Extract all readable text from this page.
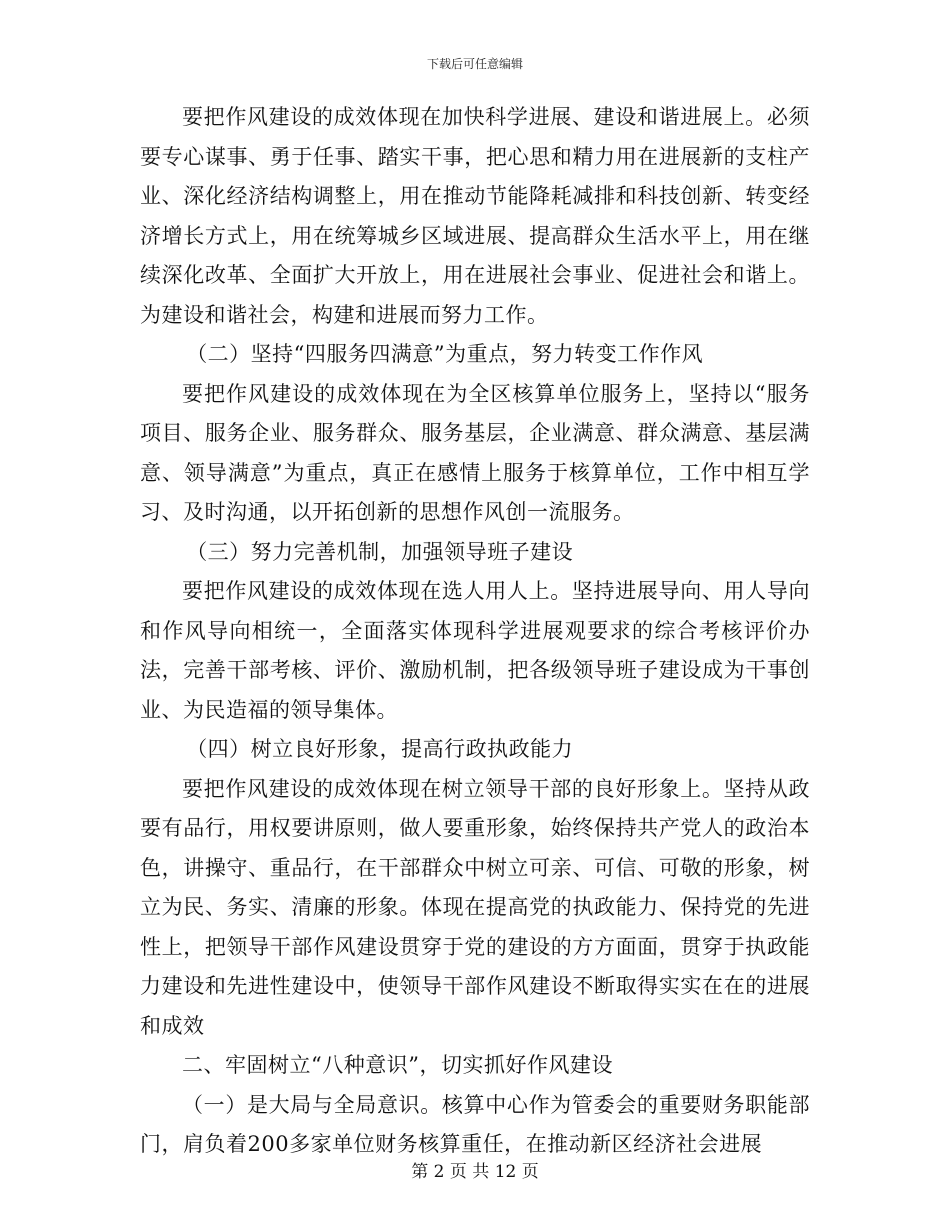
下载后可任意编辑

要把作风建设的成效体现在加快科学进展、建设和谐进展上。必须要专心谋事、勇于任事、踏实干事，把心思和精力用在进展新的支柱产业、深化经济结构调整上，用在推动节能降耗减排和科技创新、转变经济增长方式上，用在统筹城乡区域进展、提高群众生活水平上，用在继续深化改革、全面扩大开放上，用在进展社会事业、促进社会和谐上。为建设和谐社会，构建和进展而努力工作。

（二）坚持“四服务四满意”为重点，努力转变工作作风

要把作风建设的成效体现在为全区核算单位服务上，坚持以“服务项目、服务企业、服务群众、服务基层，企业满意、群众满意、基层满意、领导满意”为重点，真正在感情上服务于核算单位，工作中相互学习、及时沟通，以开拓创新的思想作风创一流服务。

（三）努力完善机制，加强领导班子建设

要把作风建设的成效体现在选人用人上。坚持进展导向、用人导向和作风导向相统一，全面落实体现科学进展观要求的综合考核评价办法，完善干部考核、评价、激励机制，把各级领导班子建设成为干事创业、为民造福的领导集体。

（四）树立良好形象，提高行政执政能力

要把作风建设的成效体现在树立领导干部的良好形象上。坚持从政要有品行，用权要讲原则，做人要重形象，始终保持共产党人的政治本色，讲操守、重品行，在干部群众中树立可亲、可信、可敬的形象，树立为民、务实、清廉的形象。体现在提高党的执政能力、保持党的先进性上，把领导干部作风建设贯穿于党的建设的方方面面，贯穿于执政能力建设和先进性建设中，使领导干部作风建设不断取得实实在在的进展和成效

二、牢固树立“八种意识”，切实抓好作风建设

（一）是大局与全局意识。核算中心作为管委会的重要财务职能部门，肩负着200多家单位财务核算重任，在推动新区经济社会进展

第 2 页 共 12 页
